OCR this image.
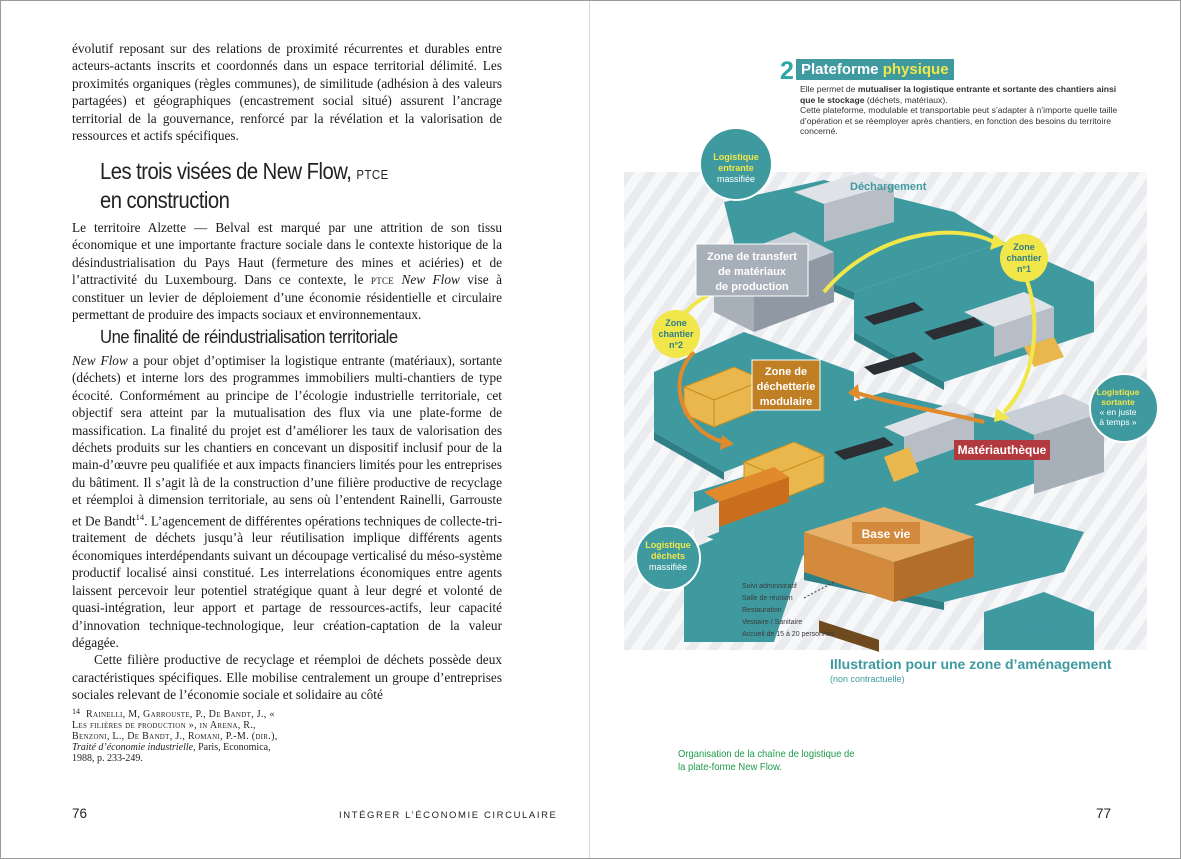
évolutif reposant sur des relations de proximité récurrentes et durables entre acteurs-actants inscrits et coordonnés dans un espace territorial délimité. Les proximités organiques (règles communes), de similitude (adhésion à des valeurs partagées) et géographiques (encastrement social situé) assurent l’ancrage territorial de la gouvernance, renforcé par la révélation et la valorisation de ressources et actifs spécifiques.

Les trois visées de New Flow, ptce
en construction

Le territoire Alzette — Belval est marqué par une attrition de son tissu économique et une importante fracture sociale dans le contexte historique de la désindustrialisation du Pays Haut (fermeture des mines et aciéries) et de l’attractivité du Luxembourg. Dans ce contexte, le ptce New Flow vise à constituer un levier de déploiement d’une économie résidentielle et circulaire permettant de produire des impacts sociaux et environnementaux.

Une finalité de réindustrialisation territoriale

New Flow a pour objet d’optimiser la logistique entrante (matériaux), sortante (déchets) et interne lors des programmes immobiliers multi-chantiers de type écocité. Conformément au principe de l’écologie industrielle territoriale, cet objectif sera atteint par la mutualisation des flux via une plate-forme de massification. La finalité du projet est d’améliorer les taux de valorisation des déchets produits sur les chantiers en concevant un dispositif inclusif pour de la main-d’œuvre peu qualifiée et aux impacts financiers limités pour les entreprises du bâtiment. Il s’agit là de la construction d’une filière productive de recyclage et réemploi à dimension territoriale, au sens où l’entendent Rainelli, Garrouste et De Bandt$^{14}$. L’agencement de différentes opérations techniques de collecte-tri-traitement de déchets jusqu’à leur réutilisation implique différents agents économiques interdépendants suivant un découpage verticalisé du méso-système productif localisé ainsi constitué. Les interrelations économiques entre agents laissent percevoir leur potentiel stratégique quant à leur degré et volonté de quasi-intégration, leur apport et partage de ressources-actifs, leur capacité d’innovation technique-technologique, leur création-captation de la valeur dégagée.

Cette filière productive de recyclage et réemploi de déchets possède deux caractéristiques spécifiques. Elle mobilise centralement un groupe d’entreprises sociales relevant de l’économie sociale et solidaire au côté

$^{14}$ Rainelli, M, Garrouste, P., De Bandt, J., « Les filières de production », in Arena, R., Benzoni, L., De Bandt, J., Romani, P.-M. (dir.), Traité d’économie industrielle, Paris, Economica, 1988, p. 233-249.
76	INTÉGRER L’ÉCONOMIE CIRCULAIRE
2 Plateforme physique
Elle permet de mutualiser la logistique entrante et sortante des chantiers ainsi que le stockage (déchets, matériaux).
Cette plateforme, modulable et transportable peut s’adapter à n’importe quelle taille d’opération et se réemployer après chantiers, en fonction des besoins du territoire concerné.
Logistique
entrante
massifiée
Déchargement
Zone de transfert
de matériaux
de production
Zone
chantier
n°1
Zone
chantier
n°2
Zone de
déchetterie
modulaire
Logistique
sortante
« en juste
à temps »
Matériauthèque
Base vie
Logistique
déchets
massifiée
Suivi administratif
Salle de réunion
Restauration
Vestiaire / Sanitaire
Accueil de 15 à 20 personnes
Logistique inverse
optimisée
Illustration pour une zone d’aménagement
(non contractuelle)
Organisation de la chaîne de logistique de la plate-forme New Flow.
77
